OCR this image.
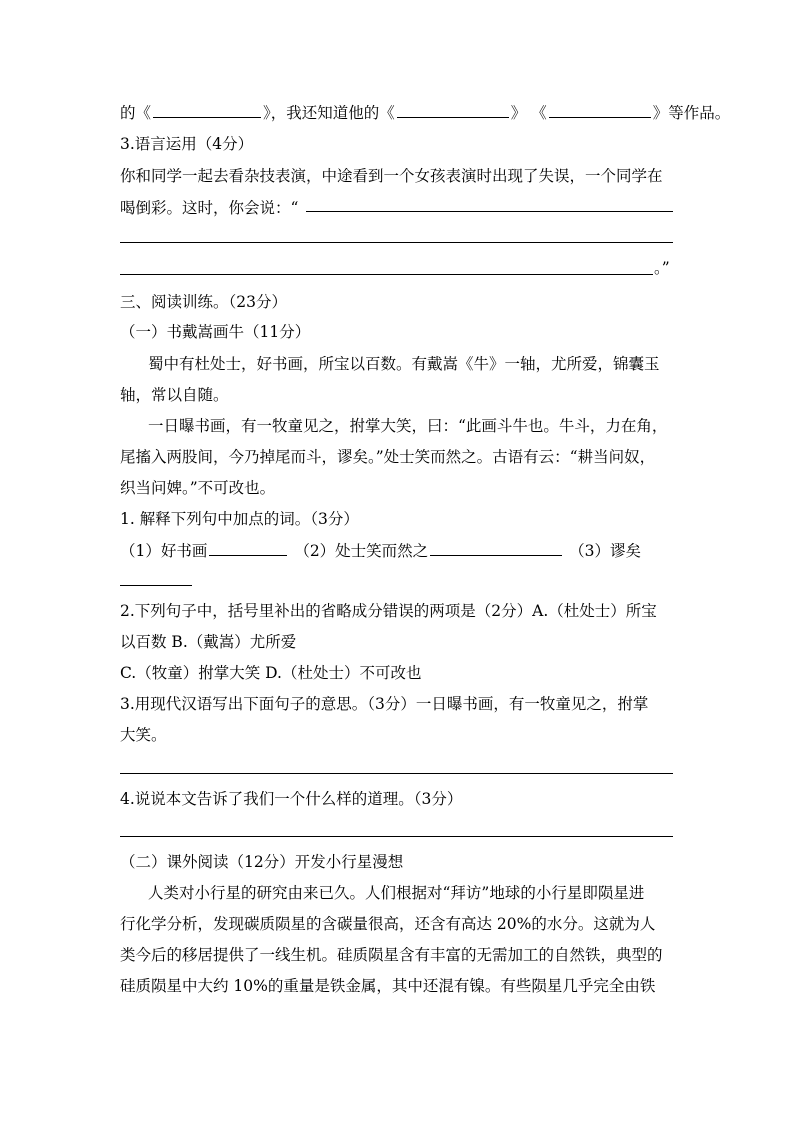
的《	》，我还知道他的《	》 《	》等作品。
3.语言运用（4分）
你和同学一起去看杂技表演，中途看到一个女孩表演时出现了失误，一个同学在
喝倒彩。这时，你会说：“
。”
三、阅读训练。（23分）
（一）书戴嵩画牛（11分）
蜀中有杜处士，好书画，所宝以百数。有戴嵩《牛》一轴，尤所爱，锦囊玉
轴，常以自随。
一日曝书画，有一牧童见之，拊掌大笑，曰：“此画斗牛也。牛斗，力在角，
尾搐入两股间，今乃掉尾而斗，谬矣。”处士笑而然之。古语有云：“耕当问奴，
织当问婢。”不可改也。
1. 解释下列句中加点的词。（3分）
（1）好书画	（2）处士笑而然之	（3）谬矣
2.下列句子中，括号里补出的省略成分错误的两项是（2分）A.（杜处士）所宝
以百数 B.（戴嵩）尤所爱
C.（牧童）拊掌大笑 D.（杜处士）不可改也
3.用现代汉语写出下面句子的意思。（3分）一日曝书画，有一牧童见之，拊掌
大笑。
4.说说本文告诉了我们一个什么样的道理。（3分）
（二）课外阅读（12分）开发小行星漫想
人类对小行星的研究由来已久。人们根据对“拜访”地球的小行星即陨星进
行化学分析，发现碳质陨星的含碳量很高，还含有高达 20%的水分。这就为人
类今后的移居提供了一线生机。硅质陨星含有丰富的无需加工的自然铁，典型的
硅质陨星中大约 10%的重量是铁金属，其中还混有镍。有些陨星几乎完全由铁
